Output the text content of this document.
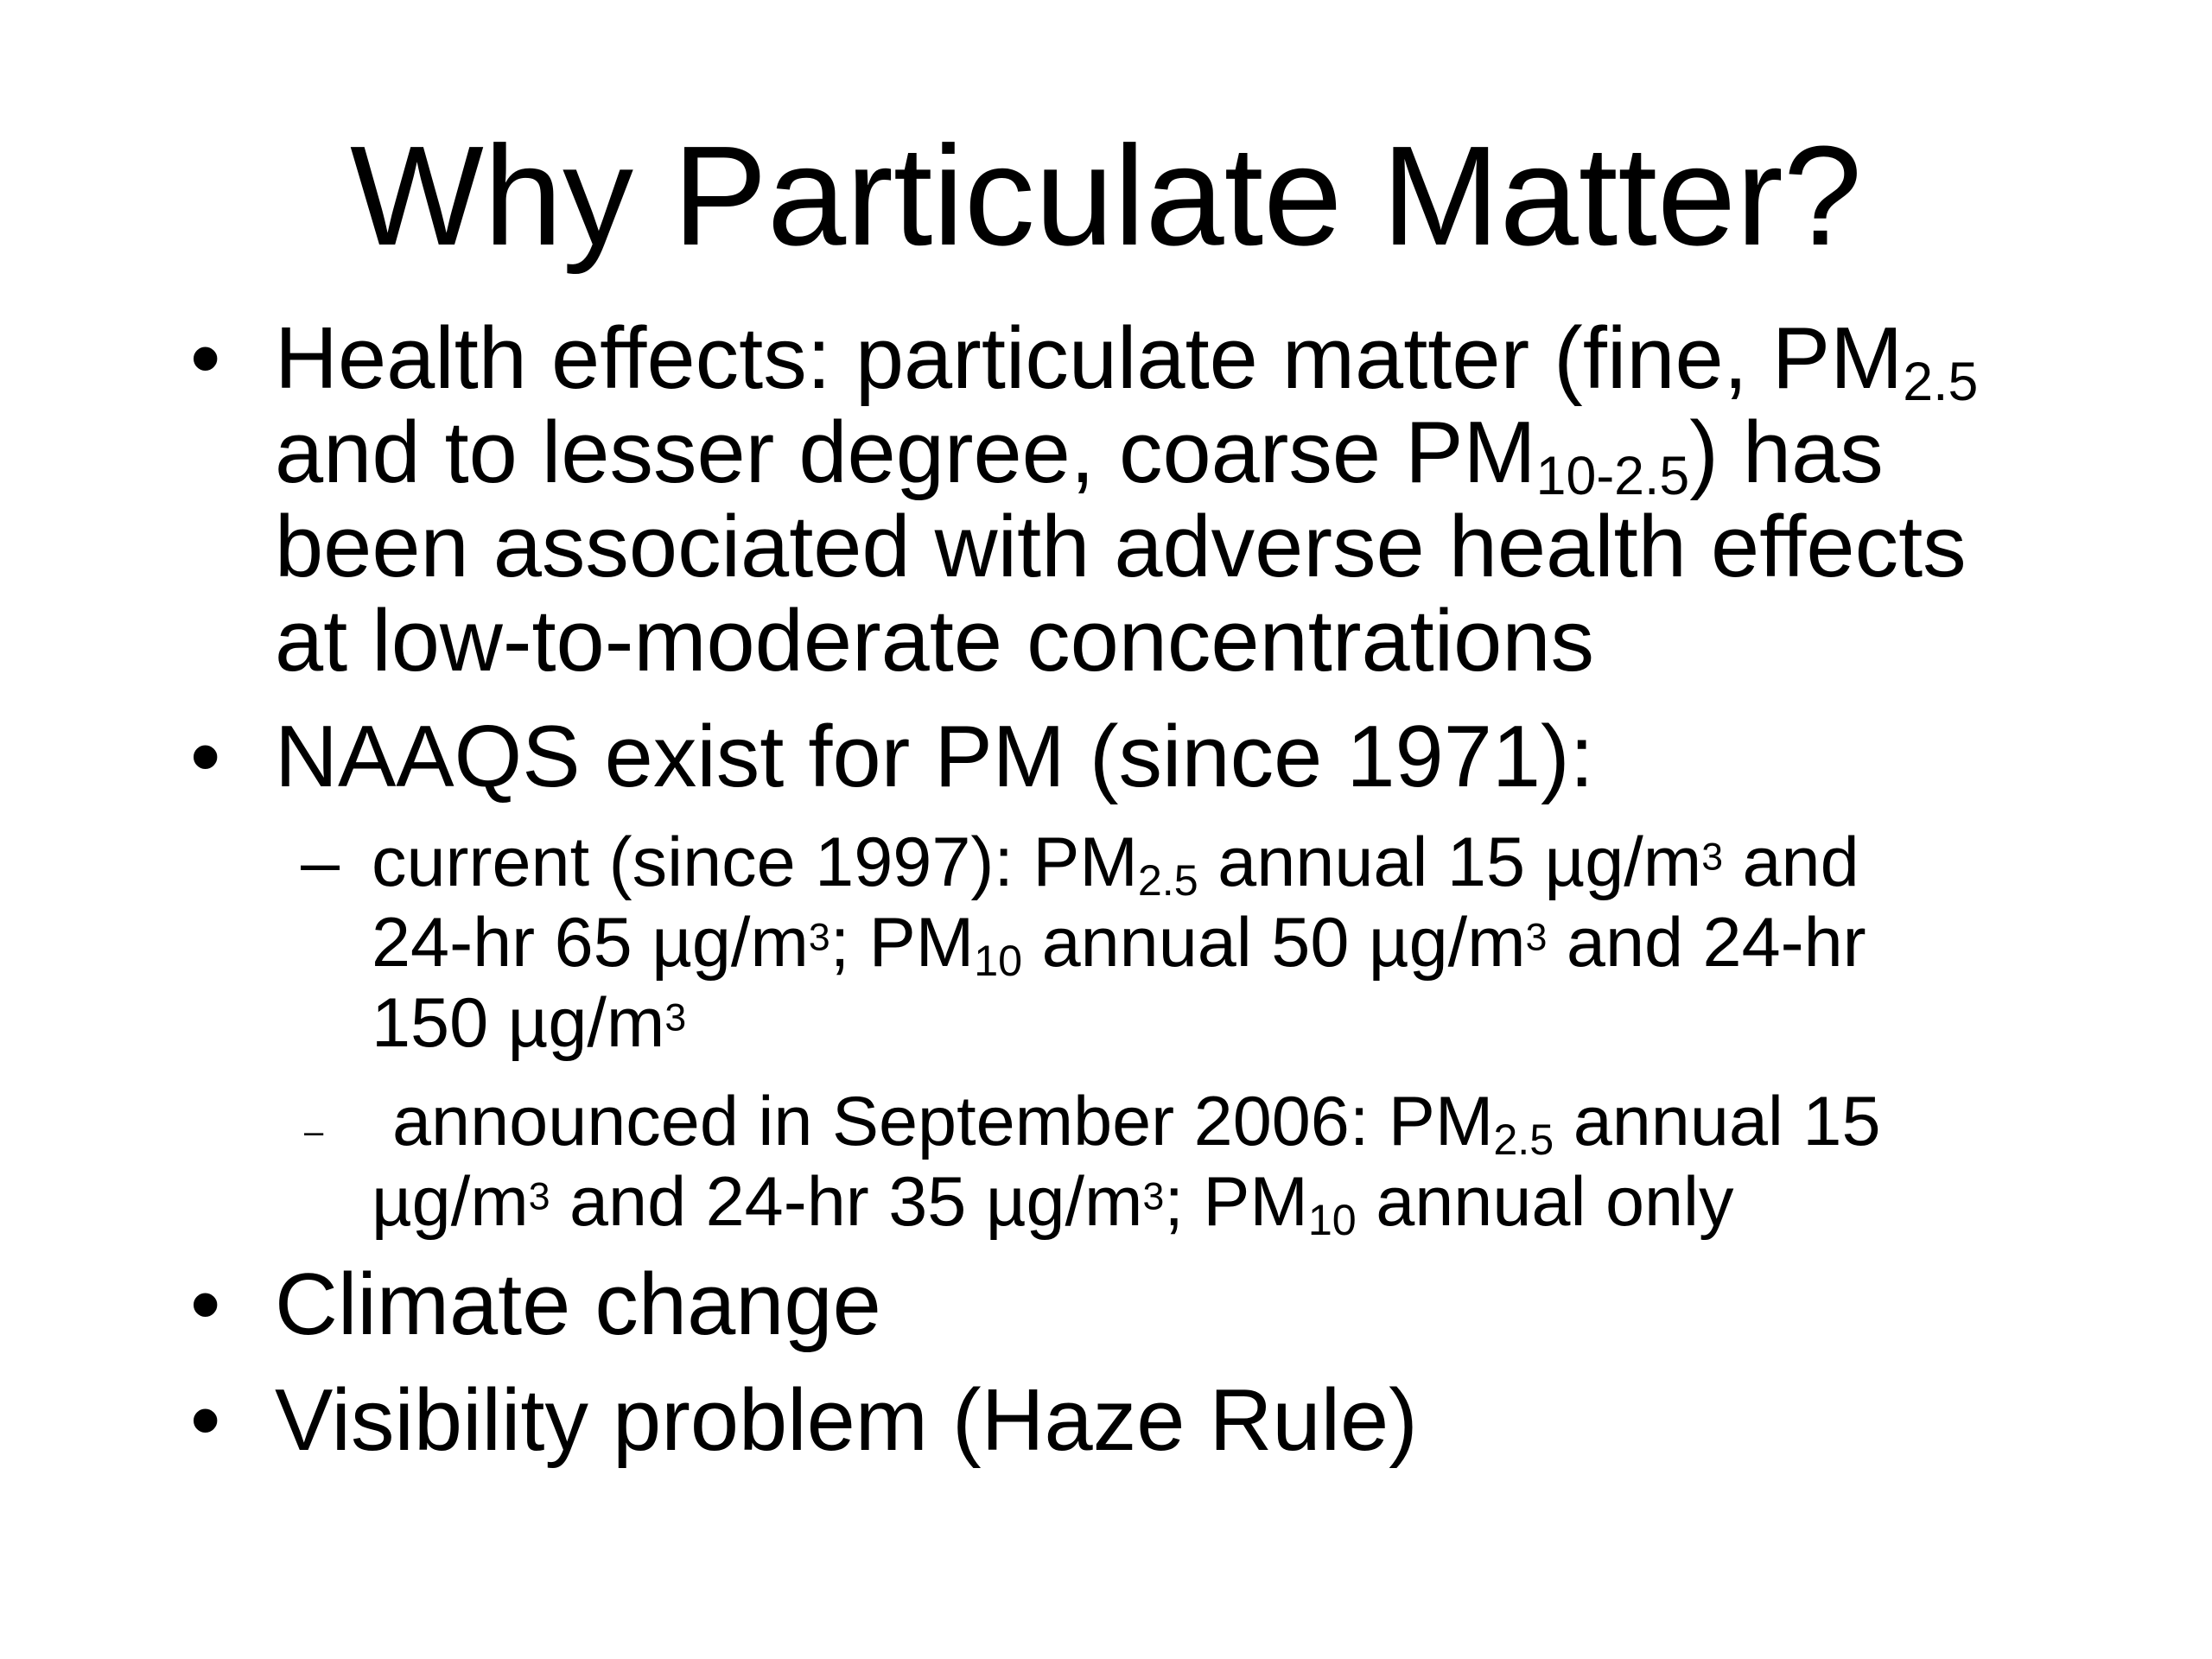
Why Particulate Matter?
• Health effects: particulate matter (fine, $PM_{2.5}$
and to lesser degree, coarse $PM_{10-2.5}$) has
been associated with adverse health effects
at low-to-moderate concentrations
• NAAQS exist for PM (since 1971):
– current (since 1997): $PM_{2.5}$ annual 15 $\mu g/m^3$ and
24-hr 65 $\mu g/m^3$; $PM_{10}$ annual 50 $\mu g/m^3$ and 24-hr
150 $\mu g/m^3$
– announced in September 2006: $PM_{2.5}$ annual 15
$\mu g/m^3$ and 24-hr 35 $\mu g/m^3$; $PM_{10}$ annual only
• Climate change
• Visibility problem (Haze Rule)
